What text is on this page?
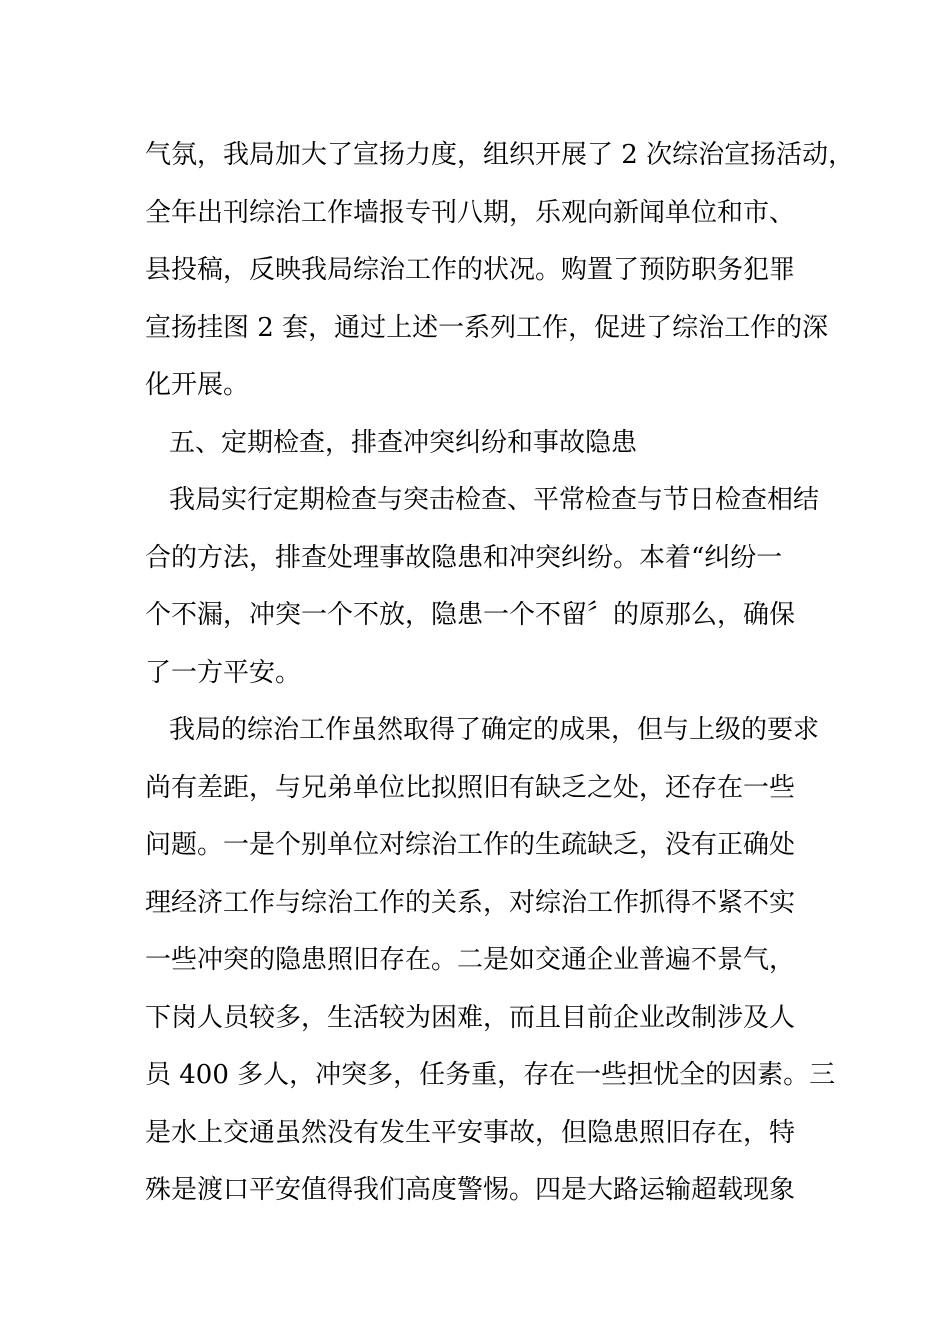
气氛，我局加大了宣扬力度，组织开展了 2 次综治宣扬活动，
全年出刊综治工作墙报专刊八期，乐观向新闻单位和市、
县投稿，反映我局综治工作的状况。购置了预防职务犯罪
宣扬挂图 2 套，通过上述一系列工作，促进了综治工作的深
化开展。
五、定期检查，排查冲突纠纷和事故隐患
我局实行定期检查与突击检查、平常检查与节日检查相结
合的方法，排查处理事故隐患和冲突纠纷。本着“纠纷一
个不漏，冲突一个不放，隐患一个不留〞的原那么，确保
了一方平安。
我局的综治工作虽然取得了确定的成果，但与上级的要求
尚有差距，与兄弟单位比拟照旧有缺乏之处，还存在一些
问题。一是个别单位对综治工作的生疏缺乏，没有正确处
理经济工作与综治工作的关系，对综治工作抓得不紧不实
一些冲突的隐患照旧存在。二是如交通企业普遍不景气，
下岗人员较多，生活较为困难，而且目前企业改制涉及人
员 400 多人，冲突多，任务重，存在一些担忧全的因素。三
是水上交通虽然没有发生平安事故，但隐患照旧存在，特
殊是渡口平安值得我们高度警惕。四是大路运输超载现象
